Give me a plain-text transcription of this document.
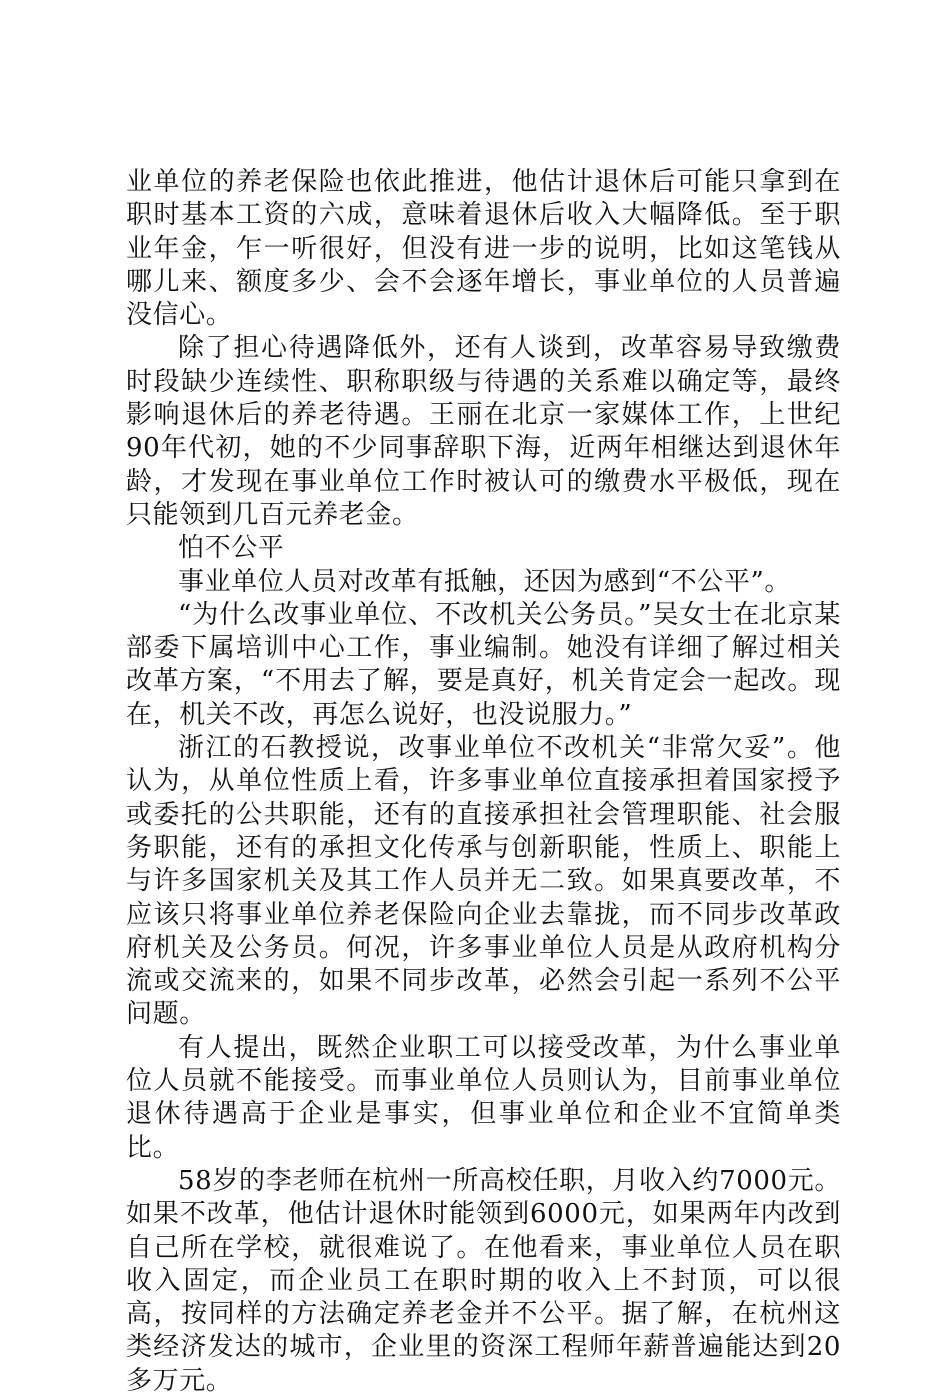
业单位的养老保险也依此推进，他估计退休后可能只拿到在职时基本工资的六成，意味着退休后收入大幅降低。至于职业年金，乍一听很好，但没有进一步的说明，比如这笔钱从哪儿来、额度多少、会不会逐年增长，事业单位的人员普遍没信心。

除了担心待遇降低外，还有人谈到，改革容易导致缴费时段缺少连续性、职称职级与待遇的关系难以确定等，最终影响退休后的养老待遇。王丽在北京一家媒体工作，上世纪90年代初，她的不少同事辞职下海，近两年相继达到退休年龄，才发现在事业单位工作时被认可的缴费水平极低，现在只能领到几百元养老金。

怕不公平

事业单位人员对改革有抵触，还因为感到“不公平”。

“为什么改事业单位、不改机关公务员。”吴女士在北京某部委下属培训中心工作，事业编制。她没有详细了解过相关改革方案，“不用去了解，要是真好，机关肯定会一起改。现在，机关不改，再怎么说好，也没说服力。”

浙江的石教授说，改事业单位不改机关“非常欠妥”。他认为，从单位性质上看，许多事业单位直接承担着国家授予或委托的公共职能，还有的直接承担社会管理职能、社会服务职能，还有的承担文化传承与创新职能，性质上、职能上与许多国家机关及其工作人员并无二致。如果真要改革，不应该只将事业单位养老保险向企业去靠拢，而不同步改革政府机关及公务员。何况，许多事业单位人员是从政府机构分流或交流来的，如果不同步改革，必然会引起一系列不公平问题。

有人提出，既然企业职工可以接受改革，为什么事业单位人员就不能接受。而事业单位人员则认为，目前事业单位退休待遇高于企业是事实，但事业单位和企业不宜简单类比。

58岁的李老师在杭州一所高校任职，月收入约7000元。如果不改革，他估计退休时能领到6000元，如果两年内改到自己所在学校，就很难说了。在他看来，事业单位人员在职收入固定，而企业员工在职时期的收入上不封顶，可以很高，按同样的方法确定养老金并不公平。据了解，在杭州这类经济发达的城市，企业里的资深工程师年薪普遍能达到20多万元。
